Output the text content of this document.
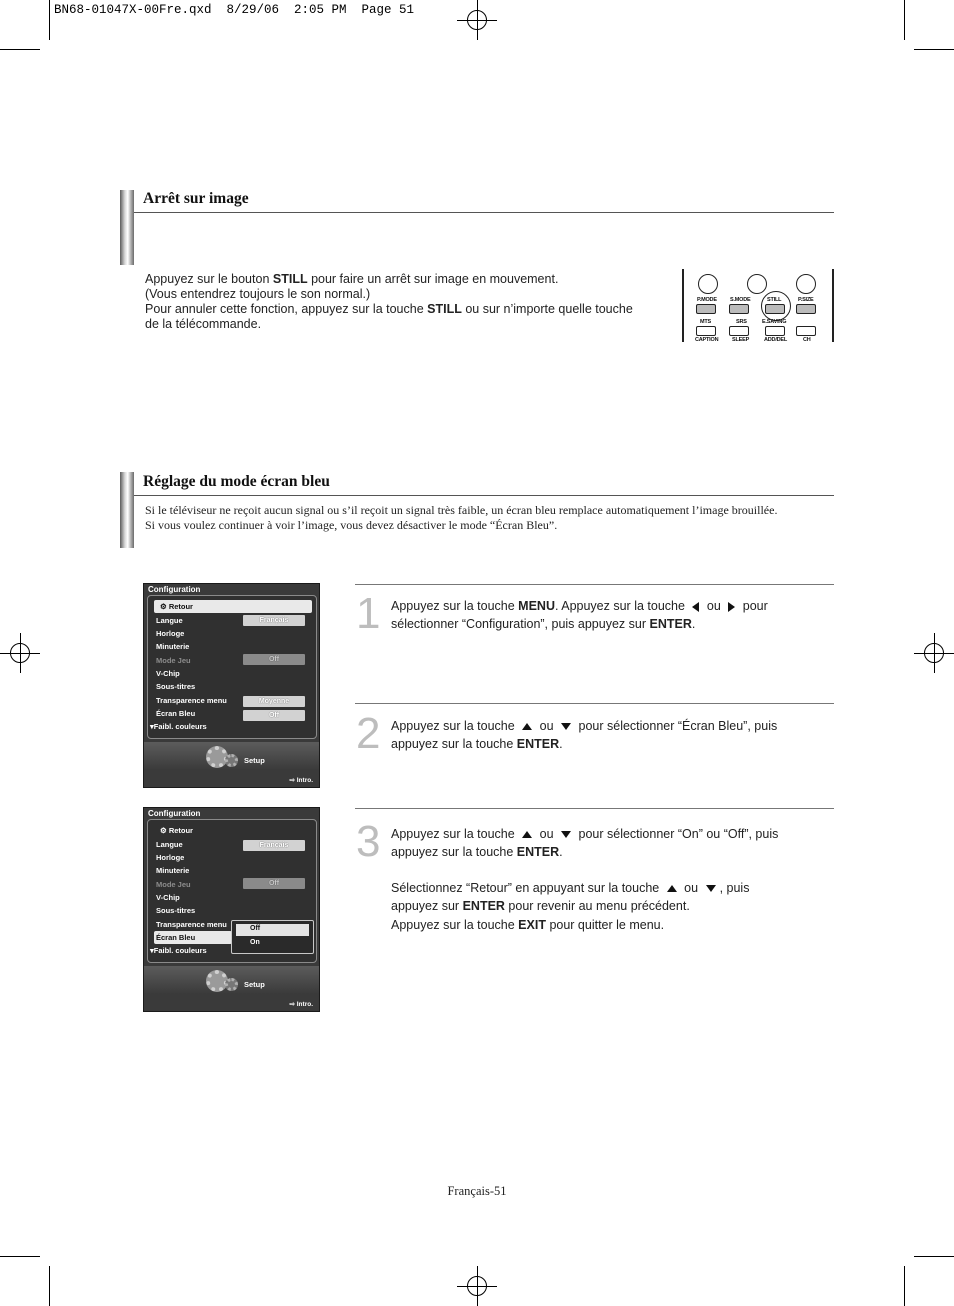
BN68-01047X-00Fre.qxd  8/29/06  2:05 PM  Page 51
Arrêt sur image
Appuyez sur le bouton STILL pour faire un arrêt sur image en mouvement.
(Vous entendrez toujours le son normal.)
Pour annuler cette fonction, appuyez sur la touche STILL ou sur n’importe quelle touche
de la télécommande.
P.MODE S.MODE	STILL	P.SIZE
MTS	SRS	E.SAVING
CAPTION SLEEP	ADD/DEL	CH
Réglage du mode écran bleu
Si le téléviseur ne reçoit aucun signal ou s’il reçoit un signal très faible, un écran bleu remplace automatiquement l’image brouillée.
Si vous voulez continuer à voir l’image, vous devez désactiver le mode “Écran Bleu”.
Configuration
⚙ Retour
Langue	Français
Horloge
Minuterie
Mode Jeu	Off
V-Chip
Sous-titres
Transparence menu	Moyenne
Écran Bleu	Off
▾Faibl. couleurs
Setup
⇨ Intro.
Configuration
⚙ Retour
Langue	Français
Horloge
Minuterie
Mode Jeu	Off
V-Chip
Sous-titres
Transparence menu
Écran Bleu
▾Faibl. couleurs
Off
On
Setup
⇨ Intro.
1 Appuyez sur la touche MENU. Appuyez sur la touche  ou  pour
sélectionner “Configuration”, puis appuyez sur ENTER.
2 Appuyez sur la touche  ou  pour sélectionner “Écran Bleu”, puis
appuyez sur la touche ENTER.
3 Appuyez sur la touche  ou  pour sélectionner “On” ou “Off”, puis
appuyez sur la touche ENTER.
Sélectionnez “Retour” en appuyant sur la touche  ou , puis
appuyez sur ENTER pour revenir au menu précédent.
Appuyez sur la touche EXIT pour quitter le menu.
Français-51
